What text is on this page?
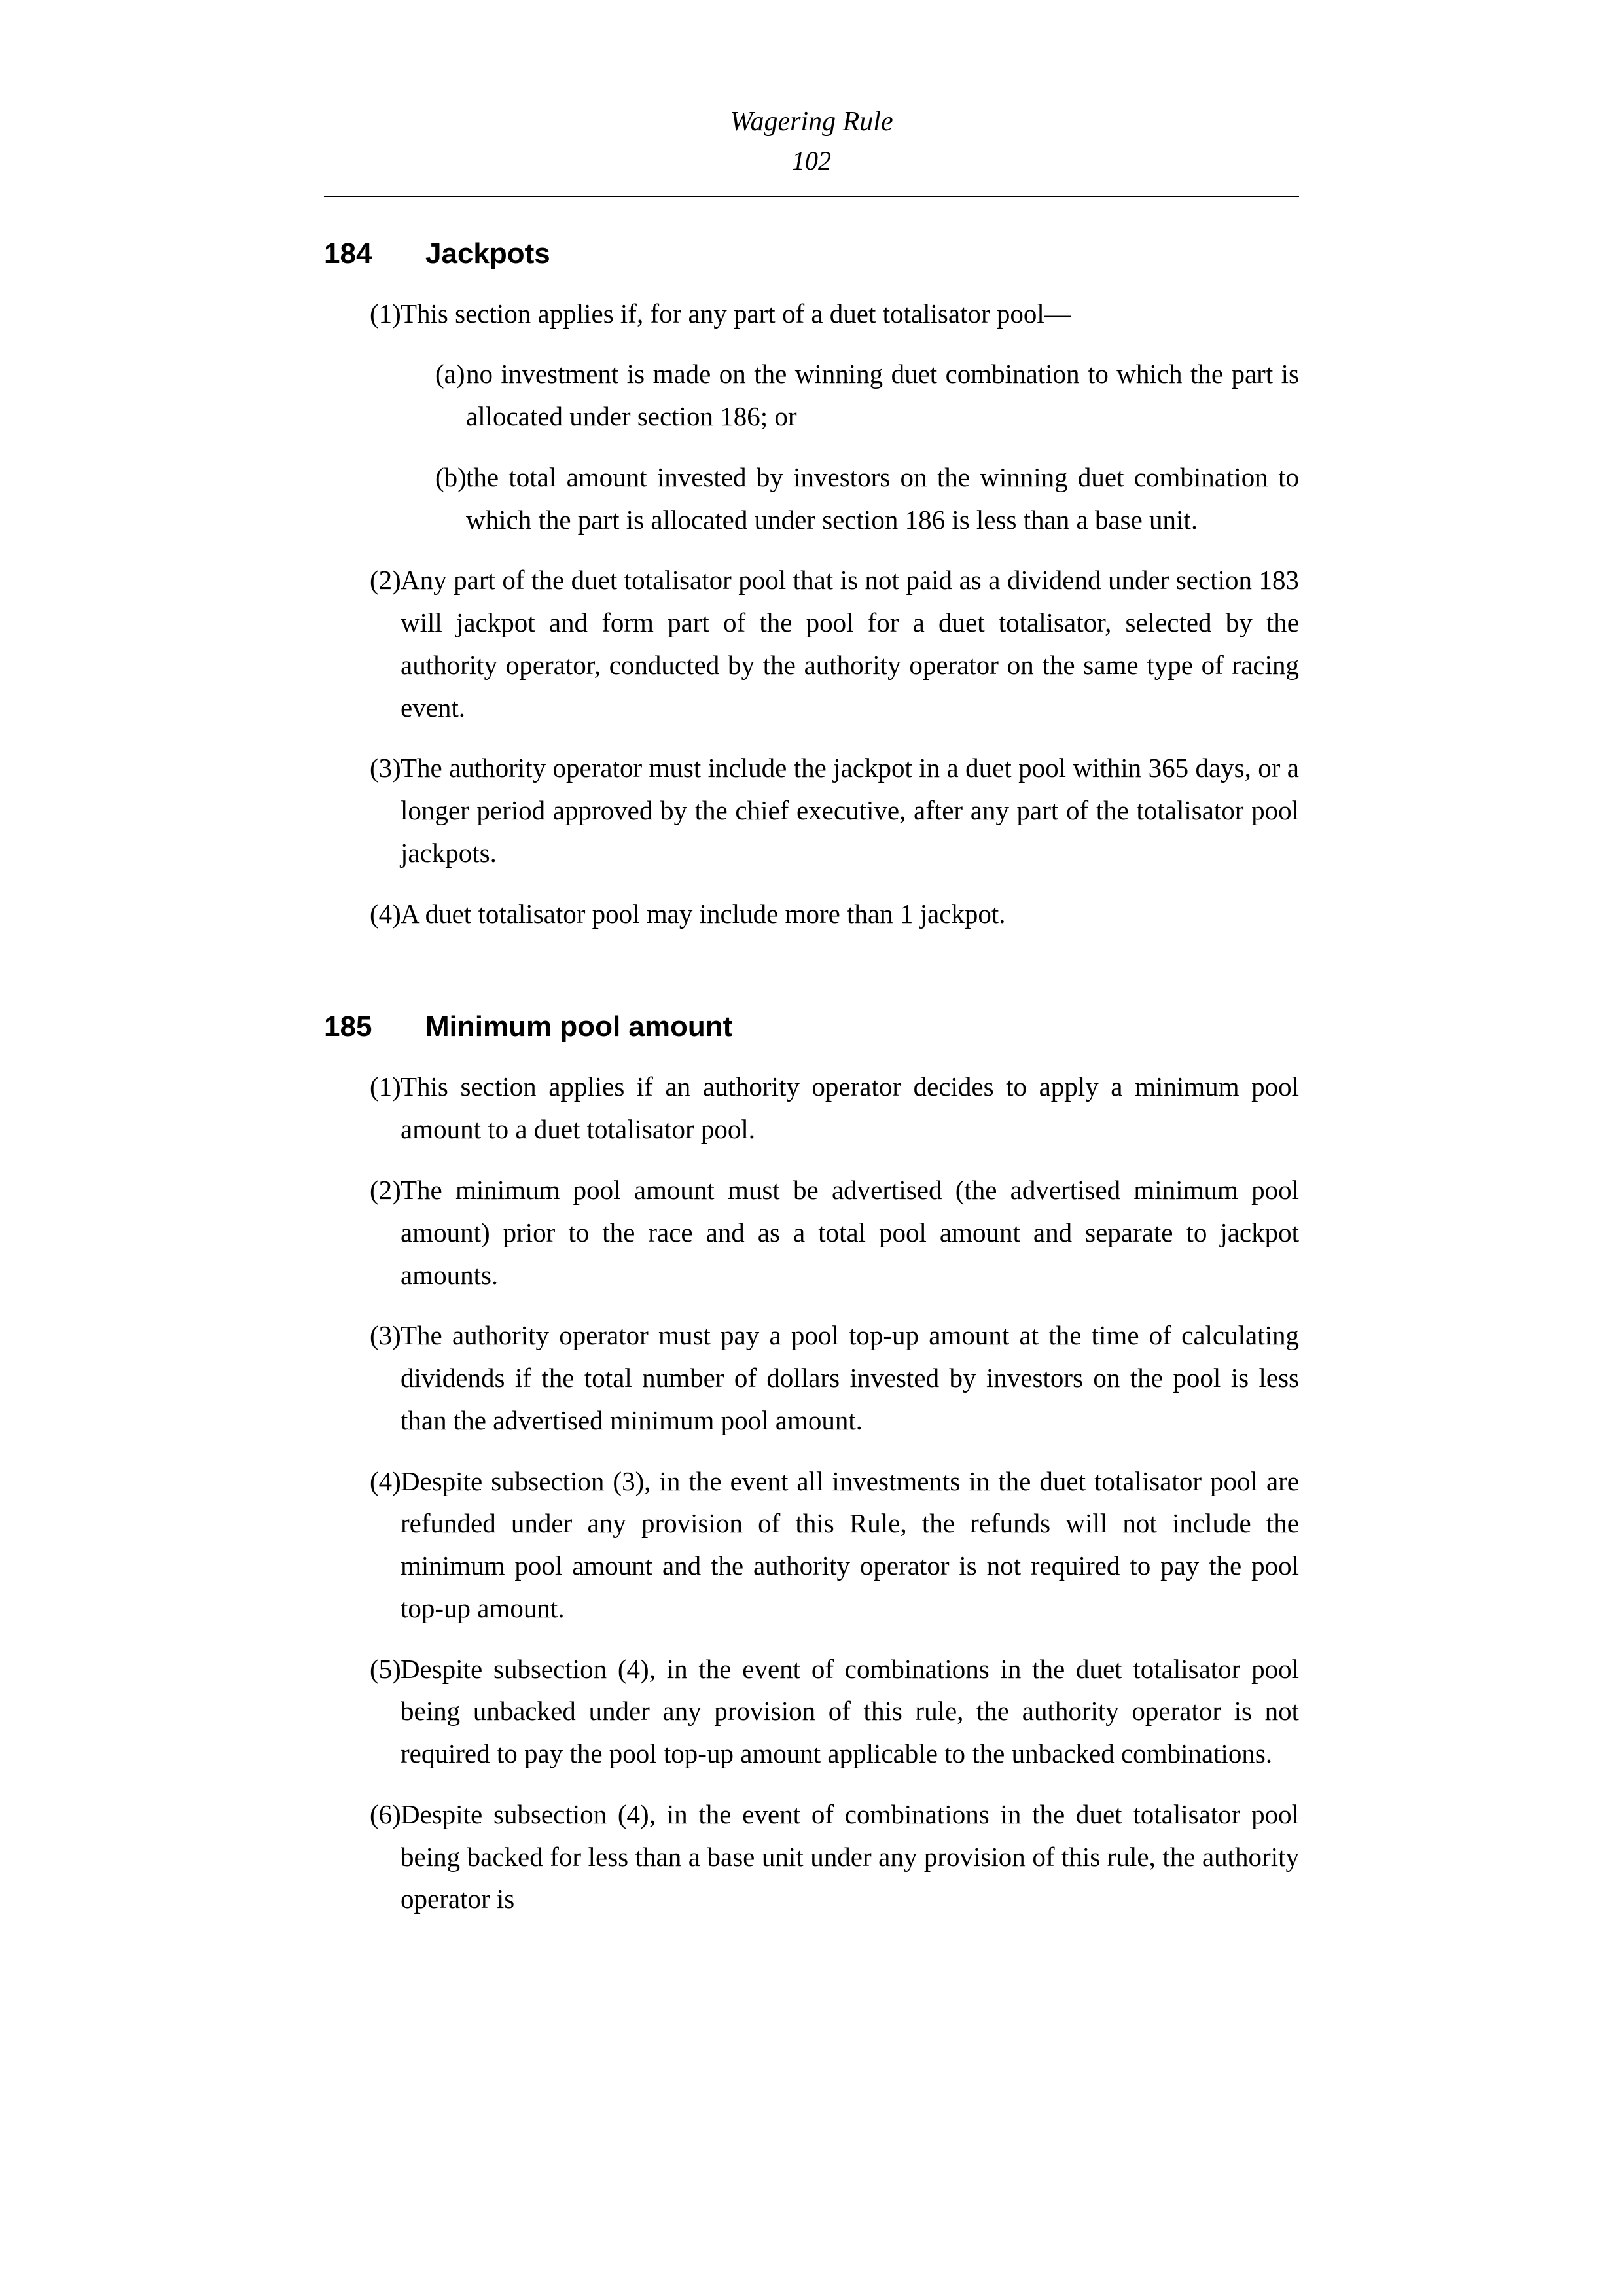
Wagering Rule
102
184	Jackpots
(1) This section applies if, for any part of a duet totalisator pool—
(a) no investment is made on the winning duet combination to which the part is allocated under section 186; or
(b) the total amount invested by investors on the winning duet combination to which the part is allocated under section 186 is less than a base unit.
(2) Any part of the duet totalisator pool that is not paid as a dividend under section 183 will jackpot and form part of the pool for a duet totalisator, selected by the authority operator, conducted by the authority operator on the same type of racing event.
(3) The authority operator must include the jackpot in a duet pool within 365 days, or a longer period approved by the chief executive, after any part of the totalisator pool jackpots.
(4) A duet totalisator pool may include more than 1 jackpot.
185	Minimum pool amount
(1) This section applies if an authority operator decides to apply a minimum pool amount to a duet totalisator pool.
(2) The minimum pool amount must be advertised (the advertised minimum pool amount) prior to the race and as a total pool amount and separate to jackpot amounts.
(3) The authority operator must pay a pool top-up amount at the time of calculating dividends if the total number of dollars invested by investors on the pool is less than the advertised minimum pool amount.
(4) Despite subsection (3), in the event all investments in the duet totalisator pool are refunded under any provision of this Rule, the refunds will not include the minimum pool amount and the authority operator is not required to pay the pool top-up amount.
(5) Despite subsection (4), in the event of combinations in the duet totalisator pool being unbacked under any provision of this rule, the authority operator is not required to pay the pool top-up amount applicable to the unbacked combinations.
(6) Despite subsection (4), in the event of combinations in the duet totalisator pool being backed for less than a base unit under any provision of this rule, the authority operator is
